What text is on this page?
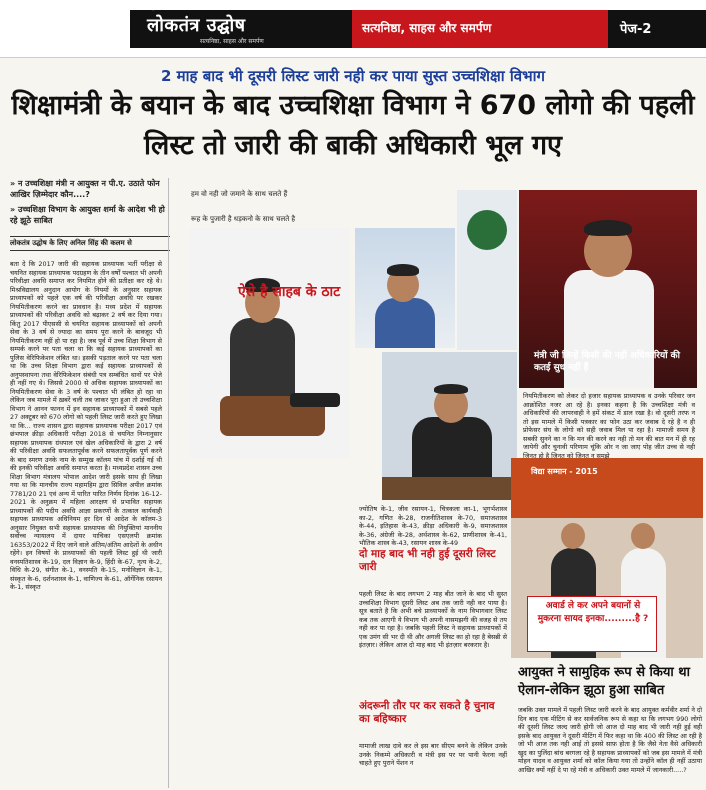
दैनिक
लोकतंत्र उद्घोष
सत्यनिष्ठा, साहस और समर्पण
सत्यनिष्ठा, साहस और समर्पण	पेज-2
2 माह बाद भी दूसरी लिस्ट जारी नही कर पाया सुस्त उच्चशिक्षा विभाग
शिक्षामंत्री के बयान के बाद उच्चशिक्षा विभाग ने 670 लोगो की पहली लिस्ट तो जारी की बाकी अधिकारी भूल गए

» न उच्चशिक्षा मंत्री न आयुक्त न पी.ए. उठाते फोन आखिर ज़िम्मेदार कौन....?

» उच्चशिक्षा विभाग के आयुक्त शर्मा के आदेश भी हो रहे झूठे साबित

लोकतंत्र उद्घोष के लिए अनिल सिंह की कलम से
बता दे कि 2017 जारी की सहायक प्राध्यापक भर्ती परीक्षा से चयनित सहायक प्राध्यापक पदग्रहण के तीन वर्षों पश्चात भी अपनी परिवीक्षा अवधि समाप्त कर नियमित होने की प्रतीक्षा कर रहे थे। मिश्रविद्यालय अनुदान आयोग के नियमों के अनुसार सहायक प्राध्यापकों को पहले एक वर्ष की परिवीक्षा अवधि पर रखकर नियमितीकरण करने का प्रावधान है। मध्य प्रदेश में सहायक प्राध्यापकों की परिवीक्षा अवधि को बढ़ाकर 2 वर्ष कर दिया गया। किंतु 2017 पीएससी से चयनित सहायक प्राध्यापकों को अपनी सेवा के 3 वर्ष से ज्यादा का समय पूरा करने के बावजूद भी नियमितीकरण नहीं हो पा रहा है। जब पूर्व में उच्च शिक्षा विभाग से सम्पर्क करने पर पता चला था कि कई सहायक प्राध्यापकों का पुलिस वेरिफिकेशन लंबित था। इसकी पड़ताल करने पर पता चला था कि उच्च शिक्षा विभाग द्वारा कई सहायक प्राध्यापकों से अनुपस्थापना तथा वेरिफिकेशन संबंधी पत्र सम्बंधित थानों पर भेजे ही नहीं गए थे। जिससे 2000 से अधिक सहायक प्राध्यापकों का नियमितीकरण सेवा के 3 वर्ष के पश्चात भी लंबित हो रहा था लेकिन जब मामले में ख़बरें चली तब जाकर पूरा हुआ तो उच्चशिक्षा विभाग ने आनन फानन में इन सहायक प्राध्यापकों में सबसे पहले 27 अक्टूबर को 670 लोगो को पहली लिस्ट जारी करते हुए लिखा था कि... राज्य शासन द्वारा सहायक प्राध्यापक परीक्षा 2017 एवं छंभपाल क्रीड़ा अधिकारी परीक्षा 2018 से चयनित निम्नानुसार सहायक प्राध्यापक ग्रंथपाल एवं खेल अधिकारियों के द्वारा 2 वर्ष की परिवीक्षा अवधि सफलतापूर्वक करने सफलतापूर्वक पूर्ण करने के बाद स्मरण उनके नाम के सम्मुख कॉलम पांच में दर्शाई गई थी की इनकी परिवीक्षा अवधि समाप्त करता है। मध्यप्रदेश शासन उच्च शिक्षा विभाग मंत्रालय भोपाल आदेश जारी इसके साथ ही लिखा गया था कि मानचीय राज्य महामहिम द्वारा सिविल अपील क्रमांक 7781/20 21 एवं अन्य में पारित पारित निर्णय दिनांक 16-12-2021 के अनुक्रम में महिला आरक्षण से प्रभावित सहायक प्राध्यापकों की पदीय अवधि आज्ञा प्रकरणों के तत्काल कार्यवाही सहायक प्राध्यापक अधिनियम हर दिन से आदेश के कॉलम-3 अनुसार नियुक्त सभी सहायक प्राध्यापक की नियुक्तियां माननीय सर्वोच्च न्यायालय में दायर याचिका एसएलपी क्रमांक 16353/2022 में दिए जाने वाले अंतिम/अंतिम आदेशों के अधीन रहेंगे। इन विषयों के प्राध्यापकों की पहली लिस्ट हुई थी जारी वनस्पतिशास्त्र के-19, दल विज्ञान के-9, हिंदी के-67, नृत्य के-2, विधि के-29, संगीत के-1, वनस्पति के-15, मनोविज्ञान के-1, संस्कृत के-6, दर्शनशास्त्र के-1, वाणिज्य के-61, ऑर्गेनिक रसायन के-1, संस्कृत
हम वो नही जो जमाने के साथ चलते हैं
रूह के पुजारी है धड़कनो के साथ चलते है
ऐसे है साहब के ठाट
मंत्री जी जिन्हें किसी की नहीं अधिकारियों की कतई सुध नहीं हैं
ज्योतिष के-1, जीव रसायन-1, चित्रकला का-1, भूगर्भशास्त्र का-2, गणित के-28, राजनीतिशास्त्र के-70, समाजशास्त्र के-44, इतिहास के-43, क्रीड़ा अधिकारी के-9, समाजशास्त्र के-36, अंग्रेजी के-28, अर्थशास्त्र के-62, प्राणीशास्त्र के-41, भौतिक शास्त्र के-43, रसायन शास्त्र के-49
दो माह बाद भी नही हुई दूसरी लिस्ट जारी
पहली लिस्ट के बाद लगभग 2 माह बीत जाने के बाद भी सुस्त उच्चशिक्षा विभाग दूसरी लिस्ट अब तक जारी नही कर पाया है। सूत्र बताते है कि अभी बचे प्राध्यापकों के नाम विभागवार लिस्ट कब तक आएगी ये विभाग भी अपनी नासमझगी की वजह से तय नही कर पा रहा है। जबकि पहली लिस्ट ने सहायक प्राध्यापकों में एक उमंग सी भर दी थी और अगली लिस्ट का हो रहा है बेसब्री से इंतज़ार। लेकिन आज दो माह बाद भी इंतज़ार बरकरार है।
अंदरूनी तौर पर कर सकते है चुनाव का बहिष्कार
मामाजी लाख दावे कर ले इस बार सीएम बनने के लेकिन उनके उनके निकम्मे अधिकारी व मंत्री इस पर पर पानी फेरना नहीं चाहते हुए पुराने पेंशन न
विद्या सम्मान - 2015
अवार्ड ले कर अपने बयानों से मुकरना सायद इनका.........है ?
नियमितीकरण को लेकर दो हजार सहायक प्राध्यापक व उनके परिवार जन आक्रोशित नजर आ रहे है। इनका कहना है कि उच्चशिक्षा मंत्री व अधिकारियों की लापरवाही ने हमें संकट में डाल रखा है। वो दूसरी तरफ न तो इस मामले में किसी पत्रकार का फोन उठा कर जवाब दे रहे है न ही प्रोफेसर संघ के लोगो को सही जवाब मिल पा रहा है। मामाजी समय है सबकी सुनने का न कि मन की करने का नही तो मन की बात मन में ही रह जायेगी और चुनावी परिणाम चूंकि ओर न जा जाए पोह जीत उच्च से नही जिनत हो है जिनत को जिनत न समझे
आयुक्त ने सामुहिक रूप से किया था ऐलान-लेकिन झूठा हुआ साबित
जबकि उक्त मामले में पहली लिस्ट जारी करने के बाद आयुक्त कर्मवीर शर्मा ने दो दिन बाद एक मीटिंग से कर सार्वजनिक रूप से कहा था कि लगभग 990 लोगो की दूसरी लिस्ट जल्द जारी होगी जो आज दो माह बाद भी जारी नही हुई वही इसके बाद आयुक्त ने दूसरी मीटिंग में फिर कहा था कि 400 की लिस्ट आ रही है जो भी आज तक नही आई तो इससे साफ़ होता है कि जैसे नेता वैसे अधिकारी खुद का पुलिंदा बांध बरगला रहे है सहायक प्राध्यापकों को जब इस मामले में मंत्री मोहन यादव व आयुक्त शर्मा को कॉल किया गया तो उन्होंने कॉल ही नहीं उठाया आखिर क्यों नहीं दे पा रहे मंत्री व अधिकारी उक्त मामले में जानकारी.....?
